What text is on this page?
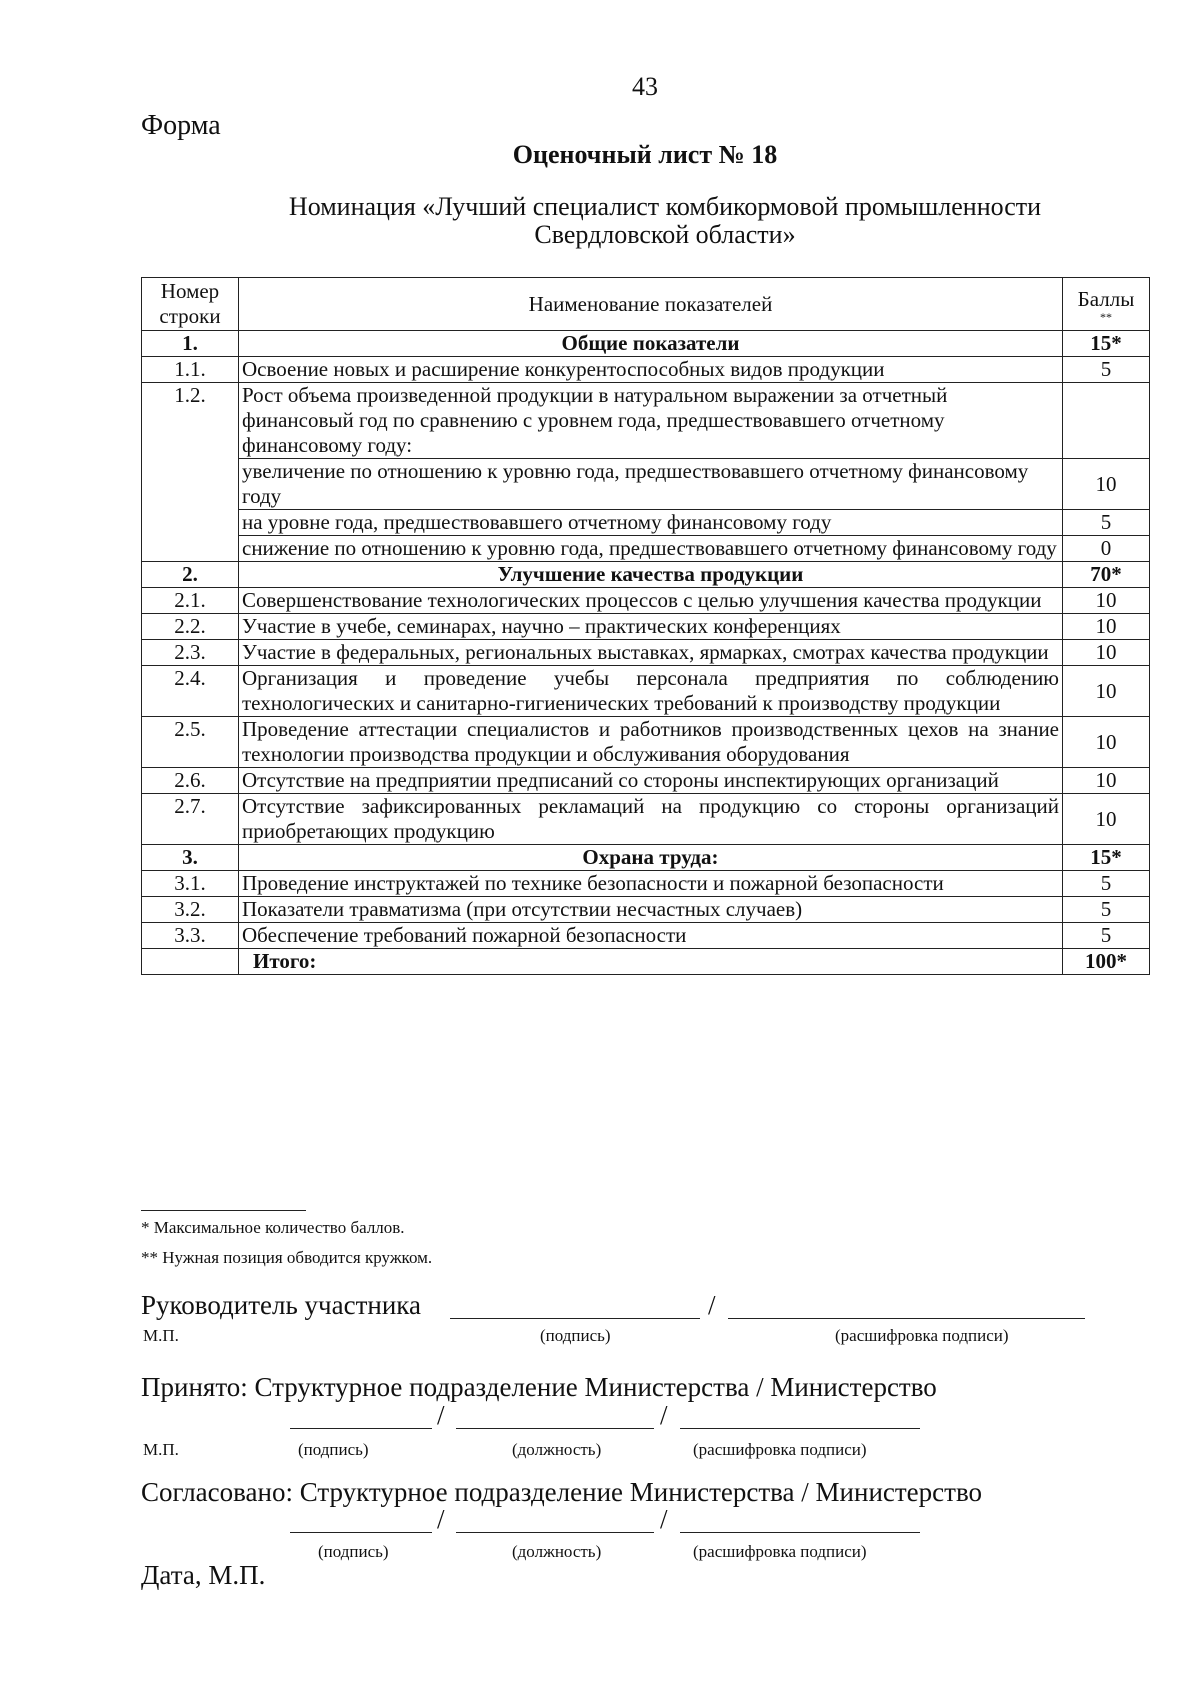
43
Форма
Оценочный лист № 18
Номинация «Лучший специалист комбикормовой промышленности
Свердловской области»
Номер строки	Наименование показателей	Баллы
**

1.	Общие показатели	15*
1.1.	Освоение новых и расширение конкурентоспособных видов продукции	5
1.2.	Рост объема произведенной продукции в натуральном выражении за отчетный финансовый год по сравнению с уровнем года, предшествовавшего отчетному финансовому году:	
	увеличение по отношению к уровню года, предшествовавшего отчетному финансовому году	10
	на уровне года, предшествовавшего отчетному финансовому году	5
	снижение по отношению к уровню года, предшествовавшего отчетному финансовому году	0
2.	Улучшение качества продукции	70*
2.1.	Совершенствование технологических процессов с целью улучшения качества продукции	10
2.2.	Участие в учебе, семинарах, научно – практических конференциях	10
2.3.	Участие в федеральных, региональных выставках, ярмарках, смотрах качества продукции	10
2.4.	Организация и проведение учебы персонала предприятия по соблюдению технологических и санитарно-гигиенических требований к производству продукции	10
2.5.	Проведение аттестации специалистов и работников производственных цехов на знание технологии производства продукции и обслуживания оборудования	10
2.6.	Отсутствие на предприятии предписаний со стороны инспектирующих организаций	10
2.7.	Отсутствие зафиксированных рекламаций на продукцию со стороны организаций приобретающих продукцию	10
3.	Охрана труда:	15*
3.1.	Проведение инструктажей по технике безопасности и пожарной безопасности	5
3.2.	Показатели травматизма (при отсутствии несчастных случаев)	5
3.3.	Обеспечение требований пожарной безопасности	5
	Итого:	100*
* Максимальное количество баллов.
** Нужная позиция обводится кружком.
Руководитель участника	/
М.П.	(подпись)	(расшифровка подписи)
Принято: Структурное подразделение Министерства / Министерство
/	/
М.П.	(подпись)	(должность)	(расшифровка подписи)
Согласовано: Структурное подразделение Министерства / Министерство
/	/
(подпись)	(должность)	(расшифровка подписи)
Дата, М.П.
